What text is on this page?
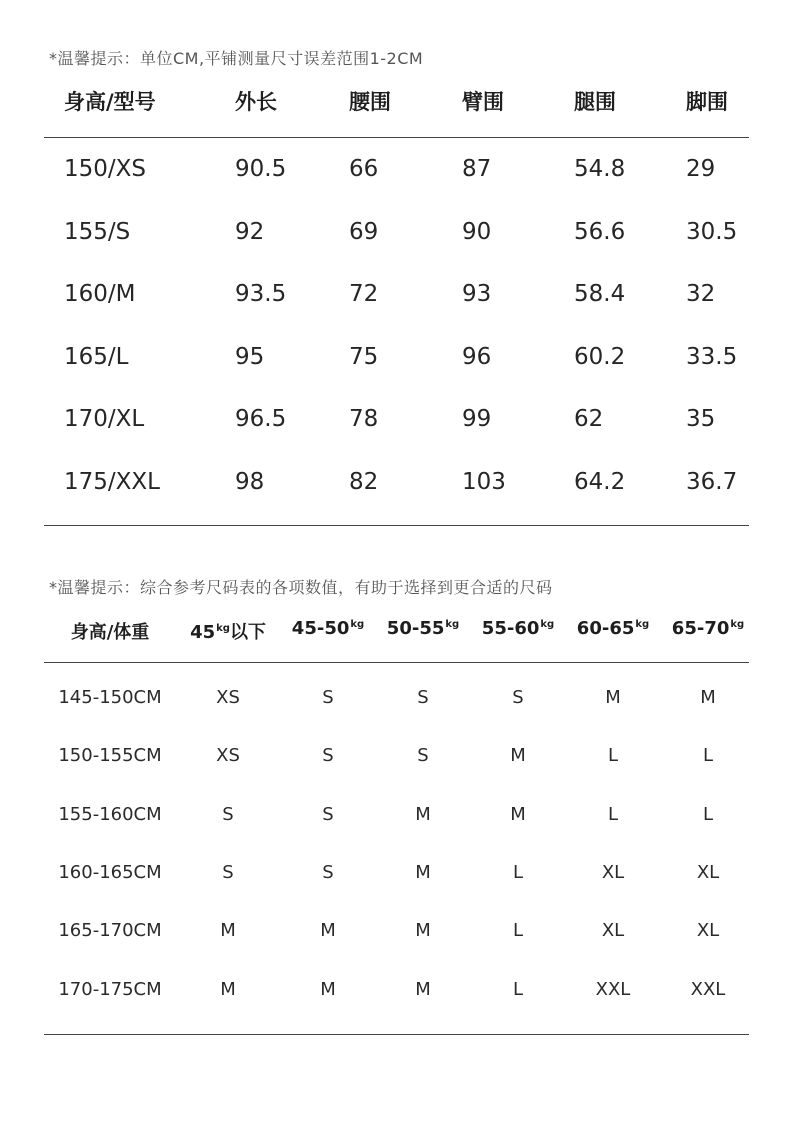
*温馨提示：单位CM,平铺测量尺寸误差范围1-2CM
身高/型号	外长	腰围	臂围	腿围	脚围
150/XS	90.5	66	87	54.8	29
155/S	92	69	90	56.6	30.5
160/M	93.5	72	93	58.4	32
165/L	95	75	96	60.2	33.5
170/XL	96.5	78	99	62	35
175/XXL	98	82	103	64.2	36.7
*温馨提示：综合参考尺码表的各项数值，有助于选择到更合适的尺码
身高/体重 $45^{kg}$以下 $45-50^{kg}$ $50-55^{kg}$ $55-60^{kg}$ $60-65^{kg}$ $65-70^{kg}$
145-150CM	XS	S	S	S	M	M
150-155CM	XS	S	S	M	L	L
155-160CM	S	S	M	M	L	L
160-165CM	S	S	M	L	XL	XL
165-170CM	M	M	M	L	XL	XL
170-175CM	M	M	M	L	XXL	XXL
